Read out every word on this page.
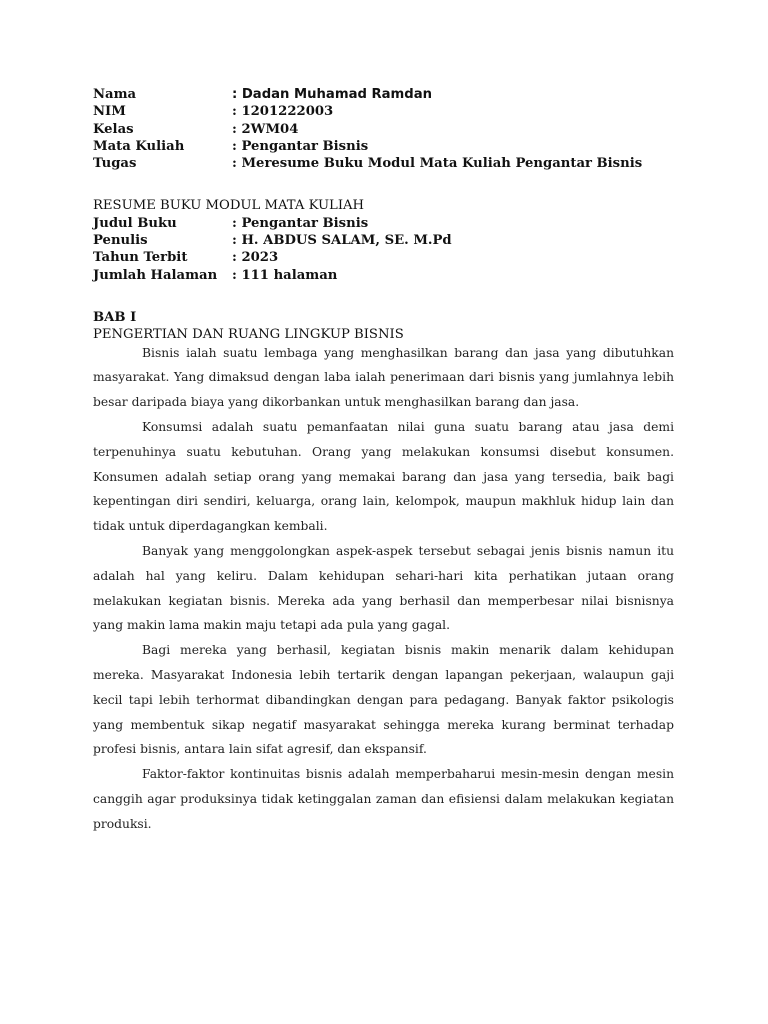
Nama	: Dadan Muhamad Ramdan
NIM	: 1201222003
Kelas	: 2WM04
Mata Kuliah	: Pengantar Bisnis
Tugas	: Meresume Buku Modul Mata Kuliah Pengantar Bisnis
RESUME BUKU MODUL MATA KULIAH
Judul Buku	: Pengantar Bisnis
Penulis	: H. ABDUS SALAM, SE. M.Pd
Tahun Terbit	: 2023
Jumlah Halaman	: 111 halaman
BAB I
PENGERTIAN DAN RUANG LINGKUP BISNIS

Bisnis ialah suatu lembaga yang menghasilkan barang dan jasa yang dibutuhkan masyarakat. Yang dimaksud dengan laba ialah penerimaan dari bisnis yang jumlahnya lebih besar daripada biaya yang dikorbankan untuk menghasilkan barang dan jasa.

Konsumsi adalah suatu pemanfaatan nilai guna suatu barang atau jasa demi terpenuhinya suatu kebutuhan. Orang yang melakukan konsumsi disebut konsumen. Konsumen adalah setiap orang yang memakai barang dan jasa yang tersedia, baik bagi kepentingan diri sendiri, keluarga, orang lain, kelompok, maupun makhluk hidup lain dan tidak untuk diperdagangkan kembali.

Banyak yang menggolongkan aspek-aspek tersebut sebagai jenis bisnis namun itu adalah hal yang keliru. Dalam kehidupan sehari-hari kita perhatikan jutaan orang melakukan kegiatan bisnis. Mereka ada yang berhasil dan memperbesar nilai bisnisnya yang makin lama makin maju tetapi ada pula yang gagal.

Bagi mereka yang berhasil, kegiatan bisnis makin menarik dalam kehidupan mereka. Masyarakat Indonesia lebih tertarik dengan lapangan pekerjaan, walaupun gaji kecil tapi lebih terhormat dibandingkan dengan para pedagang. Banyak faktor psikologis yang membentuk sikap negatif masyarakat sehingga mereka kurang berminat terhadap profesi bisnis, antara lain sifat agresif, dan ekspansif.

Faktor-faktor kontinuitas bisnis adalah memperbaharui mesin-mesin dengan mesin canggih agar produksinya tidak ketinggalan zaman dan efisiensi dalam melakukan kegiatan produksi.
